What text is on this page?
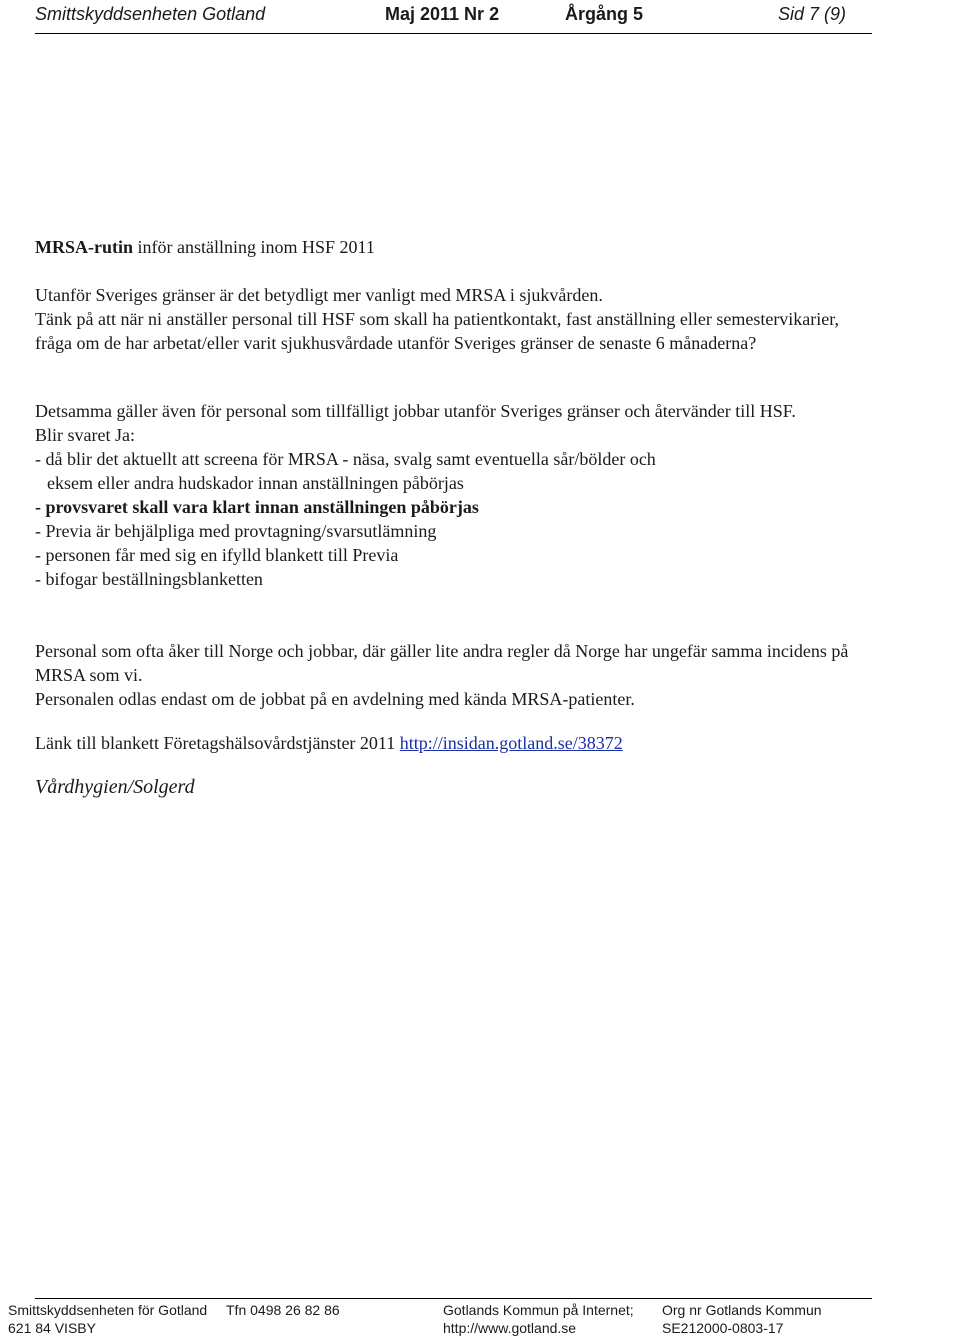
Smittskyddsenheten Gotland	Maj 2011 Nr 2	Årgång 5	Sid 7 (9)

MRSA-rutin inför anställning inom HSF 2011

Utanför Sveriges gränser är det betydligt mer vanligt med MRSA i sjukvården.

Tänk på att när ni anställer personal till HSF som skall ha patientkontakt, fast anställning eller semestervikarier, fråga om de har arbetat/eller varit sjukhusvårdade utanför Sveriges gränser de senaste 6 månaderna?

Detsamma gäller även för personal som tillfälligt jobbar utanför Sveriges gränser och återvänder till HSF.

Blir svaret Ja:

- då blir det aktuellt att screena för MRSA - näsa, svalg samt eventuella sår/bölder och

eksem eller andra hudskador innan anställningen påbörjas

- provsvaret skall vara klart innan anställningen påbörjas

- Previa är behjälpliga med provtagning/svarsutlämning

- personen får med sig en ifylld blankett till Previa

- bifogar beställningsblanketten

Personal som ofta åker till Norge och jobbar, där gäller lite andra regler då Norge har ungefär samma incidens på MRSA som vi.

Personalen odlas endast om de jobbat på en avdelning med kända MRSA-patienter.

Länk till blankett Företagshälsovårdstjänster 2011 http://insidan.gotland.se/38372

Vårdhygien/Solgerd

Smittskyddsenheten för Gotland
621 84 VISBY
Tfn 0498 26 82 86	Gotlands Kommun på Internet;
http://www.gotland.se
Org nr Gotlands Kommun
SE212000-0803-17
